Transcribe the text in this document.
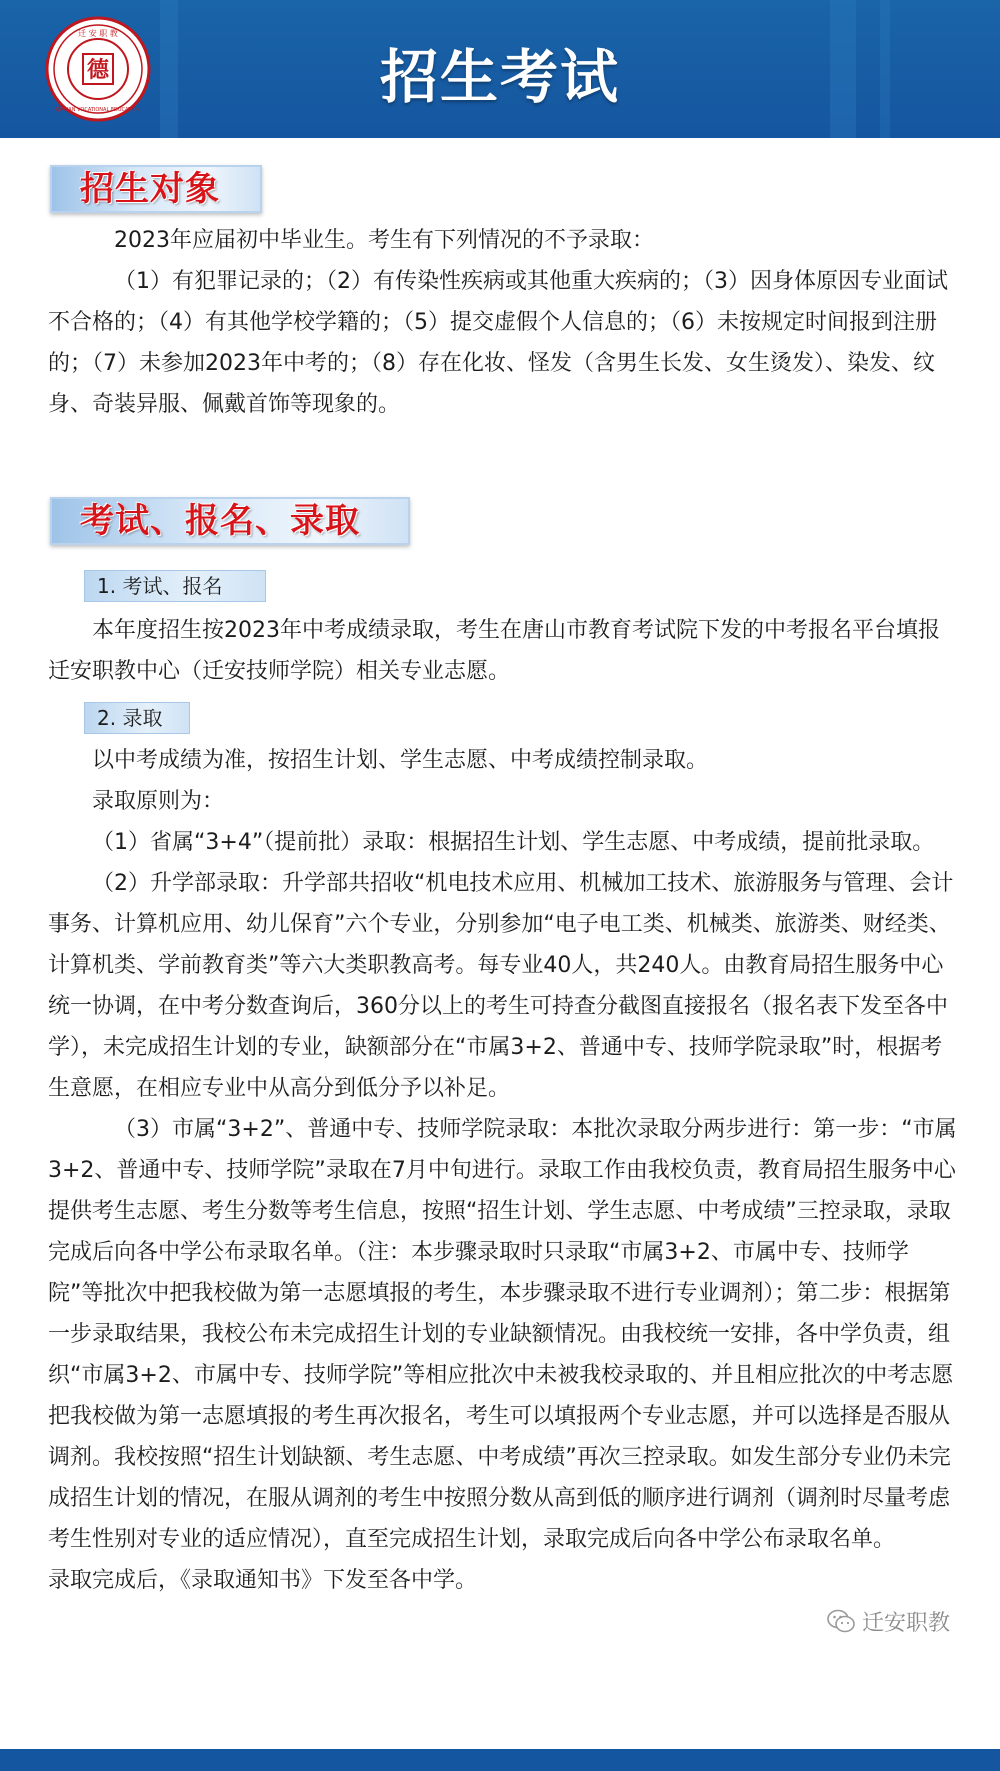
德
迁 安 职 教
QIANAN VOCATIONAL EDUCATION	招生考试
招生对象

2023年应届初中毕业生。考生有下列情况的不予录取：

（1）有犯罪记录的；（2）有传染性疾病或其他重大疾病的；（3）因身体原因专业面试不合格的；（4）有其他学校学籍的；（5）提交虚假个人信息的；（6）未按规定时间报到注册的；（7）未参加2023年中考的；（8）存在化妆、怪发（含男生长发、女生烫发）、染发、纹身、奇装异服、佩戴首饰等现象的。

考试、报名、录取
1. 考试、报名

本年度招生按2023年中考成绩录取，考生在唐山市教育考试院下发的中考报名平台填报迁安职教中心（迁安技师学院）相关专业志愿。

2. 录取

以中考成绩为准，按招生计划、学生志愿、中考成绩控制录取。

录取原则为：

（1）省属“3+4”（提前批）录取：根据招生计划、学生志愿、中考成绩，提前批录取。

（2）升学部录取：升学部共招收“机电技术应用、机械加工技术、旅游服务与管理、会计事务、计算机应用、幼儿保育”六个专业，分别参加“电子电工类、机械类、旅游类、财经类、计算机类、学前教育类”等六大类职教高考。每专业40人，共240人。由教育局招生服务中心统一协调，在中考分数查询后，360分以上的考生可持查分截图直接报名（报名表下发至各中学），未完成招生计划的专业，缺额部分在“市属3+2、普通中专、技师学院录取”时，根据考生意愿，在相应专业中从高分到低分予以补足。

（3）市属“3+2”、普通中专、技师学院录取：本批次录取分两步进行：第一步：“市属3+2、普通中专、技师学院”录取在7月中旬进行。录取工作由我校负责，教育局招生服务中心提供考生志愿、考生分数等考生信息，按照“招生计划、学生志愿、中考成绩”三控录取，录取完成后向各中学公布录取名单。（注：本步骤录取时只录取“市属3+2、市属中专、技师学院”等批次中把我校做为第一志愿填报的考生，本步骤录取不进行专业调剂）；第二步：根据第一步录取结果，我校公布未完成招生计划的专业缺额情况。由我校统一安排，各中学负责，组织“市属3+2、市属中专、技师学院”等相应批次中未被我校录取的、并且相应批次的中考志愿把我校做为第一志愿填报的考生再次报名，考生可以填报两个专业志愿，并可以选择是否服从调剂。我校按照“招生计划缺额、考生志愿、中考成绩”再次三控录取。如发生部分专业仍未完成招生计划的情况，在服从调剂的考生中按照分数从高到低的顺序进行调剂（调剂时尽量考虑考生性别对专业的适应情况），直至完成招生计划，录取完成后向各中学公布录取名单。

录取完成后，《录取通知书》下发至各中学。

迁安职教
